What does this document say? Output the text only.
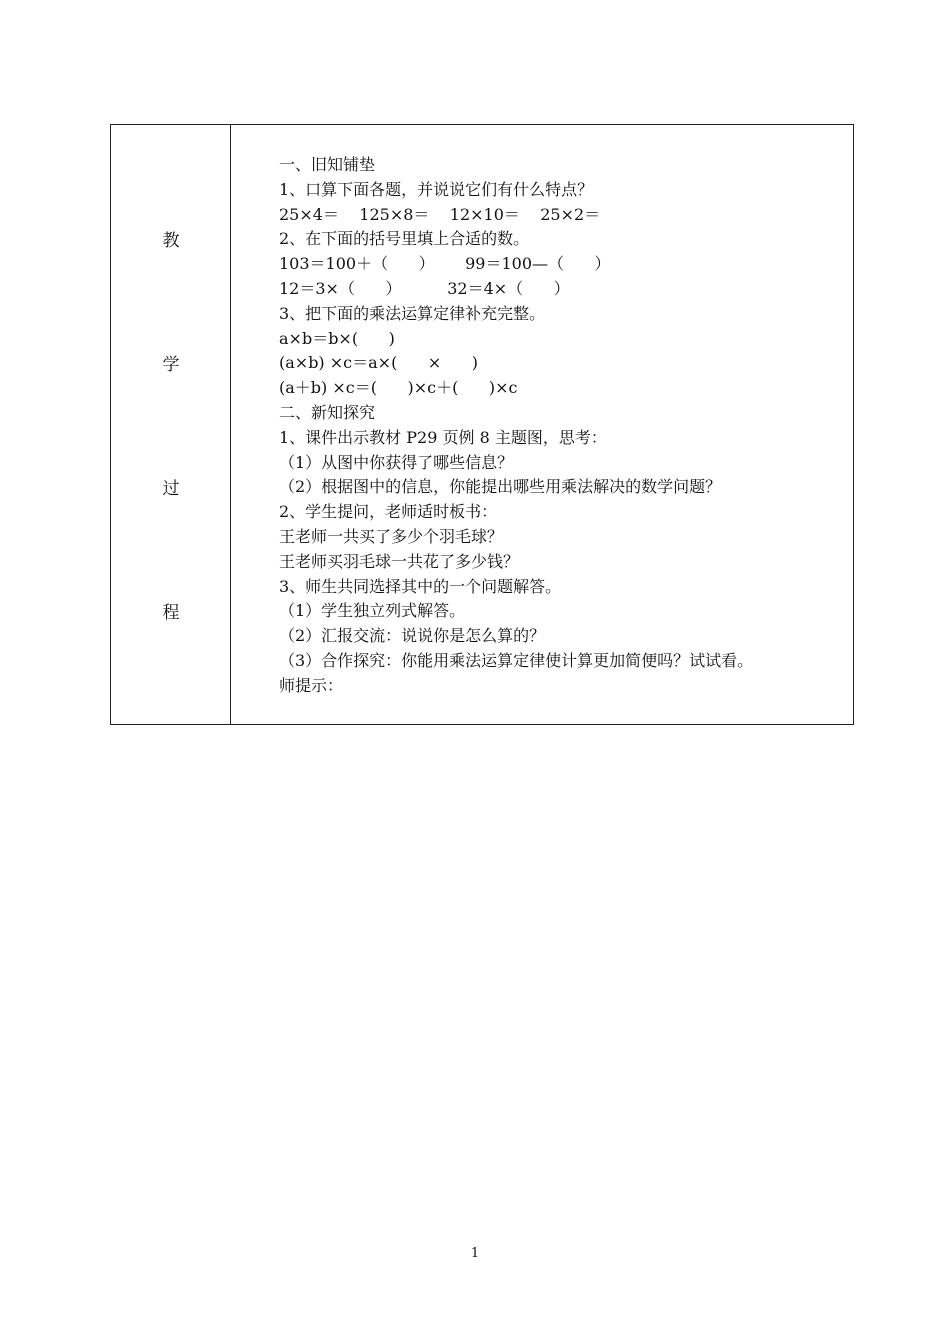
教
学
过
程
一、旧知铺垫
1、口算下面各题，并说说它们有什么特点？
25×4＝    125×8＝    12×10＝    25×2＝
2、在下面的括号里填上合适的数。
103＝100＋（      ）      99＝100—（      ）
12＝3×（      ）         32＝4×（      ）
3、把下面的乘法运算定律补充完整。
a×b＝b×(      )
(a×b) ×c＝a×(      ×      )
(a＋b) ×c＝(      )×c＋(      )×c
二、新知探究
1、课件出示教材 P29 页例 8 主题图，思考：
（1）从图中你获得了哪些信息？
（2）根据图中的信息，你能提出哪些用乘法解决的数学问题？
2、学生提问，老师适时板书：
王老师一共买了多少个羽毛球？
王老师买羽毛球一共花了多少钱？
3、师生共同选择其中的一个问题解答。
（1）学生独立列式解答。
（2）汇报交流：说说你是怎么算的？
（3）合作探究：你能用乘法运算定律使计算更加简便吗？试试看。
师提示：
1
